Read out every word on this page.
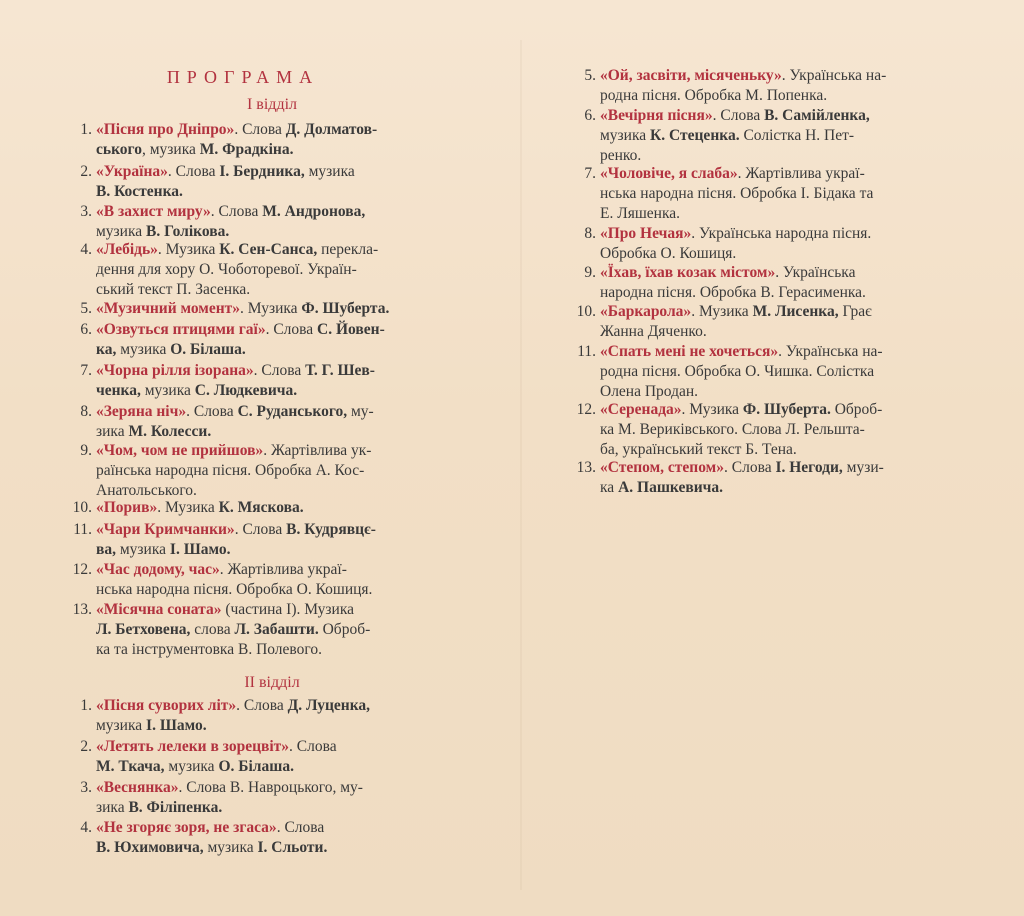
ПРОГРАМА
І відділ
1. «Пісня про Дніпро». Слова Д. Долматов-
ського, музика М. Фрадкіна.
2. «Україна». Слова І. Бердника, музика
В. Костенка.
3. «В захист миру». Слова М. Андронова,
музика В. Голікова.
4. «Лебідь». Музика К. Сен-Санса, перекла-
дення для хору О. Чоботоревої. Україн-
ський текст П. Засенка.
5. «Музичний момент». Музика Ф. Шуберта.
6. «Озвуться птицями гаї». Слова С. Йовен-
ка, музика О. Білаша.
7. «Чорна рілля ізорана». Слова Т. Г. Шев-
ченка, музика С. Людкевича.
8. «Зеряна ніч». Слова С. Руданського, му-
зика М. Колесси.
9. «Чом, чом не прийшов». Жартівлива ук-
раїнська народна пісня. Обробка А. Кос-
Анатольського.
10. «Порив». Музика К. Мяскова.
11. «Чари Кримчанки». Слова В. Кудрявцє-
ва, музика І. Шамо.
12. «Час додому, час». Жартівлива украї-
нська народна пісня. Обробка О. Кошиця.
13. «Місячна соната» (частина І). Музика
Л. Бетховена, слова Л. Забашти. Оброб-
ка та інструментовка В. Полевого.
ІІ відділ
1. «Пісня суворих літ». Слова Д. Луценка,
музика І. Шамо.
2. «Летять лелеки в зорецвіт». Слова
М. Ткача, музика О. Білаша.
3. «Веснянка». Слова В. Навроцького, му-
зика В. Філіпенка.
4. «Не згоряє зоря, не згаса». Слова
В. Юхимовича, музика І. Сльоти.
5. «Ой, засвіти, місяченьку». Українська на-
родна пісня. Обробка М. Попенка.
6. «Вечірня пісня». Слова В. Самійленка,
музика К. Стеценка. Солістка Н. Пет-
ренко.
7. «Чоловіче, я слаба». Жартівлива украї-
нська народна пісня. Обробка І. Бідака та
Е. Ляшенка.
8. «Про Нечая». Українська народна пісня.
Обробка О. Кошиця.
9. «Їхав, їхав козак містом». Українська
народна пісня. Обробка В. Герасименка.
10. «Баркарола». Музика М. Лисенка, Грає
Жанна Дяченко.
11. «Спать мені не хочеться». Українська на-
родна пісня. Обробка О. Чишка. Солістка
Олена Продан.
12. «Серенада». Музика Ф. Шуберта. Оброб-
ка М. Вериківського. Слова Л. Рельшта-
ба, український текст Б. Тена.
13. «Степом, степом». Слова І. Негоди, музи-
ка А. Пашкевича.
